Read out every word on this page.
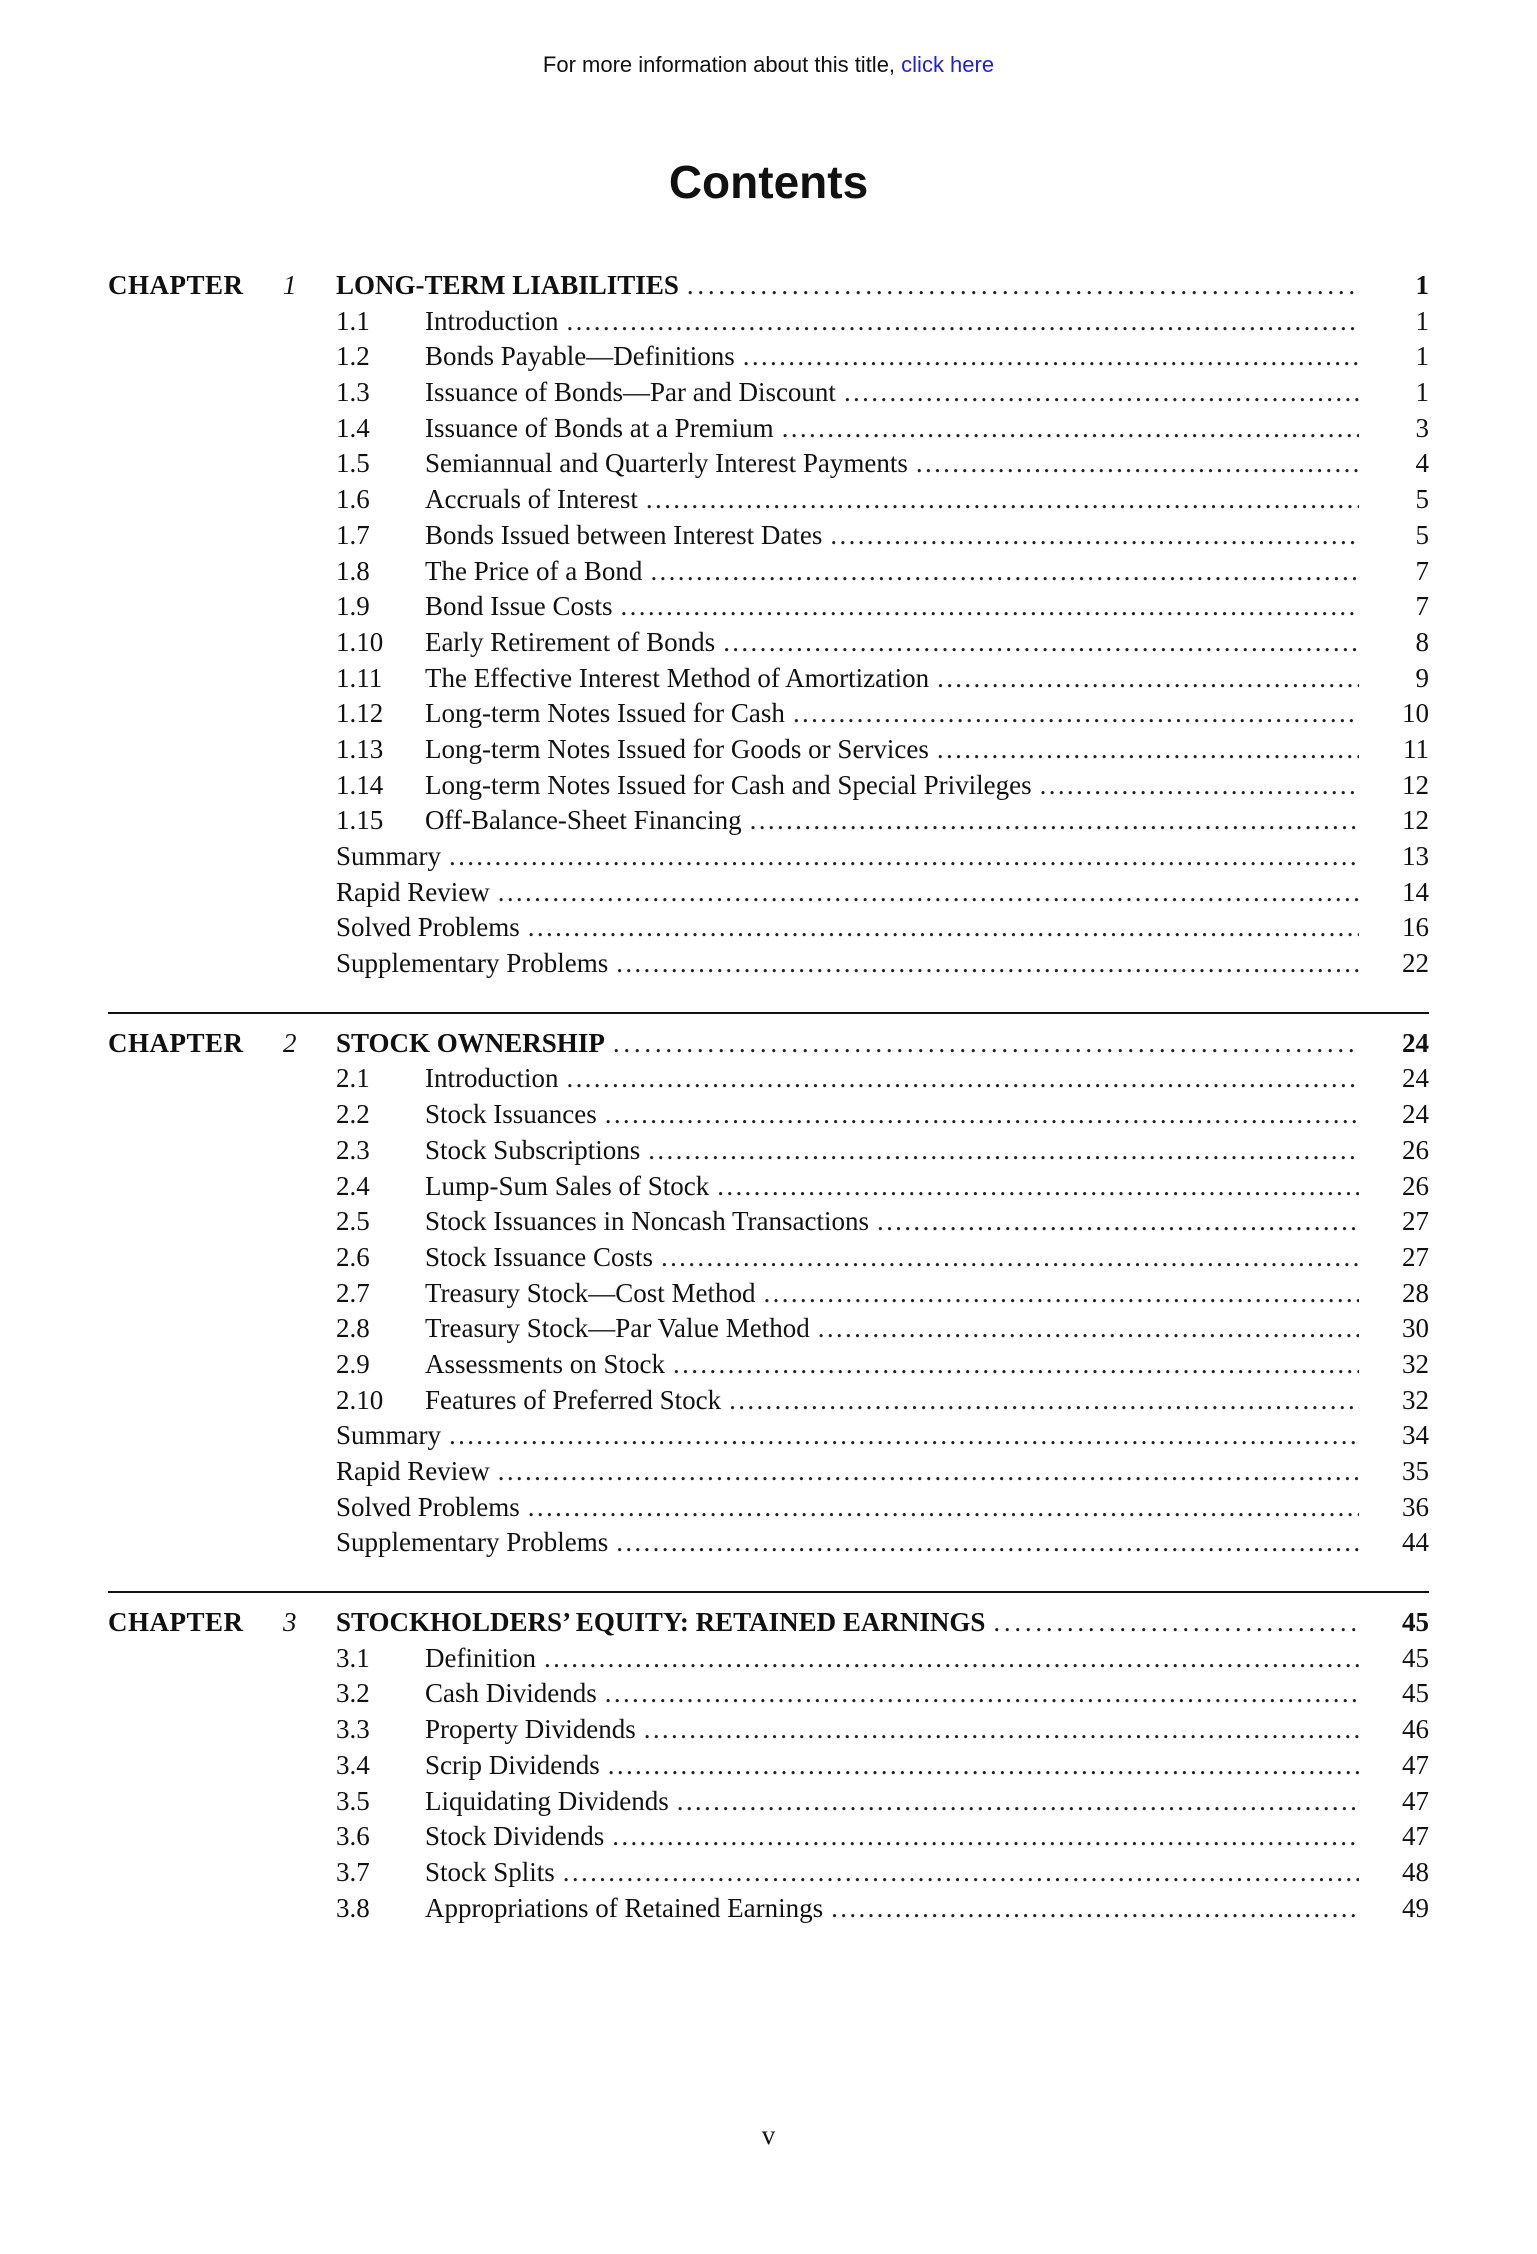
For more information about this title, click here
Contents
CHAPTER 1 LONG-TERM LIABILITIES . . .	1
1.1	Introduction . . .	1
1.2	Bonds Payable—Definitions . . .	1
1.3	Issuance of Bonds—Par and Discount . . .	1
1.4	Issuance of Bonds at a Premium . . .	3
1.5	Semiannual and Quarterly Interest Payments . . .	4
1.6	Accruals of Interest . . .	5
1.7	Bonds Issued between Interest Dates . . .	5
1.8	The Price of a Bond . . .	7
1.9	Bond Issue Costs . . .	7
1.10	Early Retirement of Bonds . . .	8
1.11	The Effective Interest Method of Amortization . . .	9
1.12	Long-term Notes Issued for Cash . . .	10
1.13	Long-term Notes Issued for Goods or Services . . .	11
1.14	Long-term Notes Issued for Cash and Special Privileges . . .	12
1.15	Off-Balance-Sheet Financing . . .	12
Summary . . .	13
Rapid Review . . .	14
Solved Problems . . .	16
Supplementary Problems . . .	22
CHAPTER 2 STOCK OWNERSHIP . . .	24
2.1	Introduction . . .	24
2.2	Stock Issuances . . .	24
2.3	Stock Subscriptions . . .	26
2.4	Lump-Sum Sales of Stock . . .	26
2.5	Stock Issuances in Noncash Transactions . . .	27
2.6	Stock Issuance Costs . . .	27
2.7	Treasury Stock—Cost Method . . .	28
2.8	Treasury Stock—Par Value Method . . .	30
2.9	Assessments on Stock . . .	32
2.10	Features of Preferred Stock . . .	32
Summary . . .	34
Rapid Review . . .	35
Solved Problems . . .	36
Supplementary Problems . . .	44
CHAPTER 3 STOCKHOLDERS’ EQUITY: RETAINED EARNINGS . . .	45
3.1	Definition . . .	45
3.2	Cash Dividends . . .	45
3.3	Property Dividends . . .	46
3.4	Scrip Dividends . . .	47
3.5	Liquidating Dividends . . .	47
3.6	Stock Dividends . . .	47
3.7	Stock Splits . . .	48
3.8	Appropriations of Retained Earnings . . .	49
v
